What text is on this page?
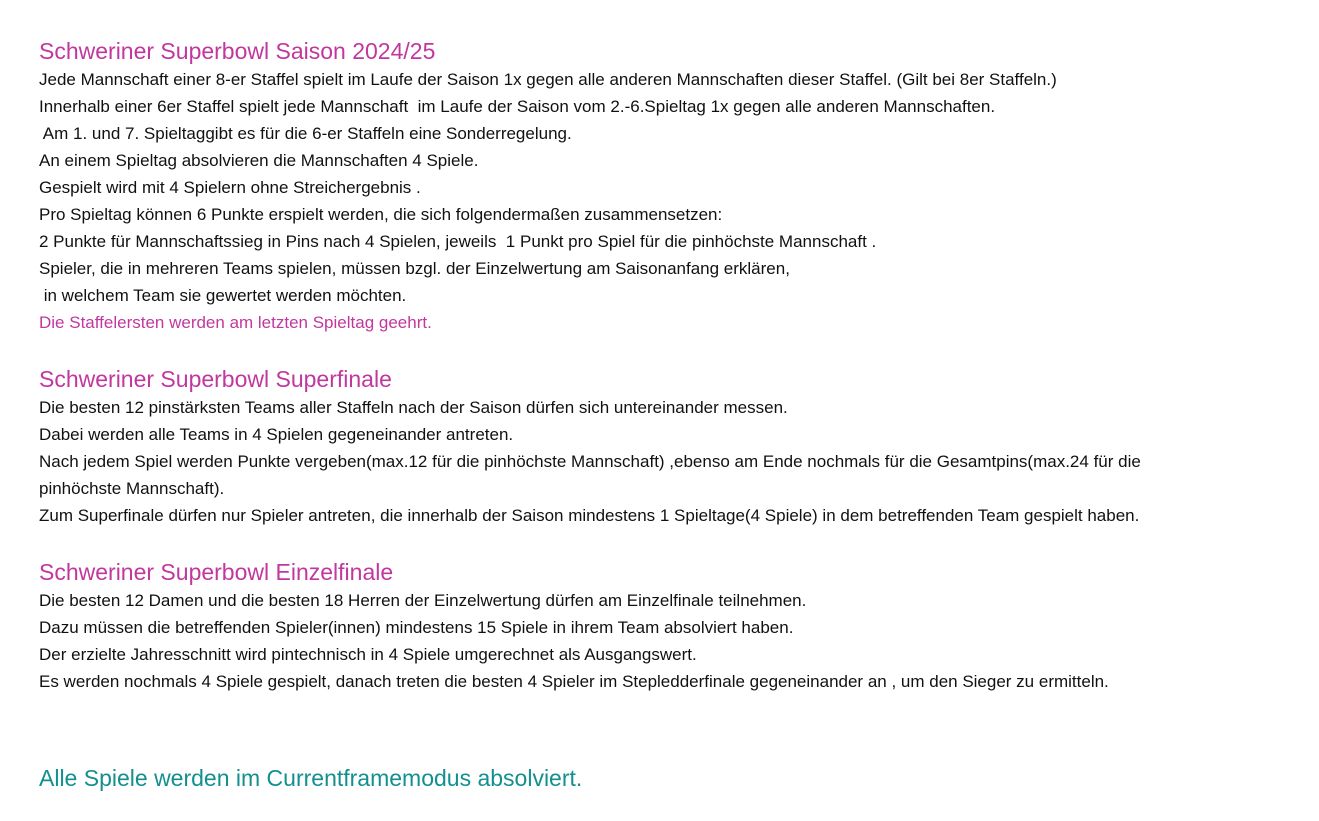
Schweriner Superbowl Saison 2024/25

Jede Mannschaft einer 8-er Staffel spielt im Laufe der Saison 1x gegen alle anderen Mannschaften dieser Staffel. (Gilt bei 8er Staffeln.)

Innerhalb einer 6er Staffel spielt jede Mannschaft  im Laufe der Saison vom 2.-6.Spieltag 1x gegen alle anderen Mannschaften.

Am 1. und 7. Spieltaggibt es für die 6-er Staffeln eine Sonderregelung.

An einem Spieltag absolvieren die Mannschaften 4 Spiele.

Gespielt wird mit 4 Spielern ohne Streichergebnis .

Pro Spieltag können 6 Punkte erspielt werden, die sich folgendermaßen zusammensetzen:

2 Punkte für Mannschaftssieg in Pins nach 4 Spielen, jeweils  1 Punkt pro Spiel für die pinhöchste Mannschaft .

Spieler, die in mehreren Teams spielen, müssen bzgl. der Einzelwertung am Saisonanfang erklären,

in welchem Team sie gewertet werden möchten.

Die Staffelersten werden am letzten Spieltag geehrt.

Schweriner Superbowl Superfinale

Die besten 12 pinstärksten Teams aller Staffeln nach der Saison dürfen sich untereinander messen.

Dabei werden alle Teams in 4 Spielen gegeneinander antreten.

Nach jedem Spiel werden Punkte vergeben(max.12 für die pinhöchste Mannschaft) ,ebenso am Ende nochmals für die Gesamtpins(max.24 für die

pinhöchste Mannschaft).

Zum Superfinale dürfen nur Spieler antreten, die innerhalb der Saison mindestens 1 Spieltage(4 Spiele) in dem betreffenden Team gespielt haben.

Schweriner Superbowl Einzelfinale

Die besten 12 Damen und die besten 18 Herren der Einzelwertung dürfen am Einzelfinale teilnehmen.

Dazu müssen die betreffenden Spieler(innen) mindestens 15 Spiele in ihrem Team absolviert haben.

Der erzielte Jahresschnitt wird pintechnisch in 4 Spiele umgerechnet als Ausgangswert.

Es werden nochmals 4 Spiele gespielt, danach treten die besten 4 Spieler im Stepledderfinale gegeneinander an , um den Sieger zu ermitteln.

Alle Spiele werden im Currentframemodus absolviert.
